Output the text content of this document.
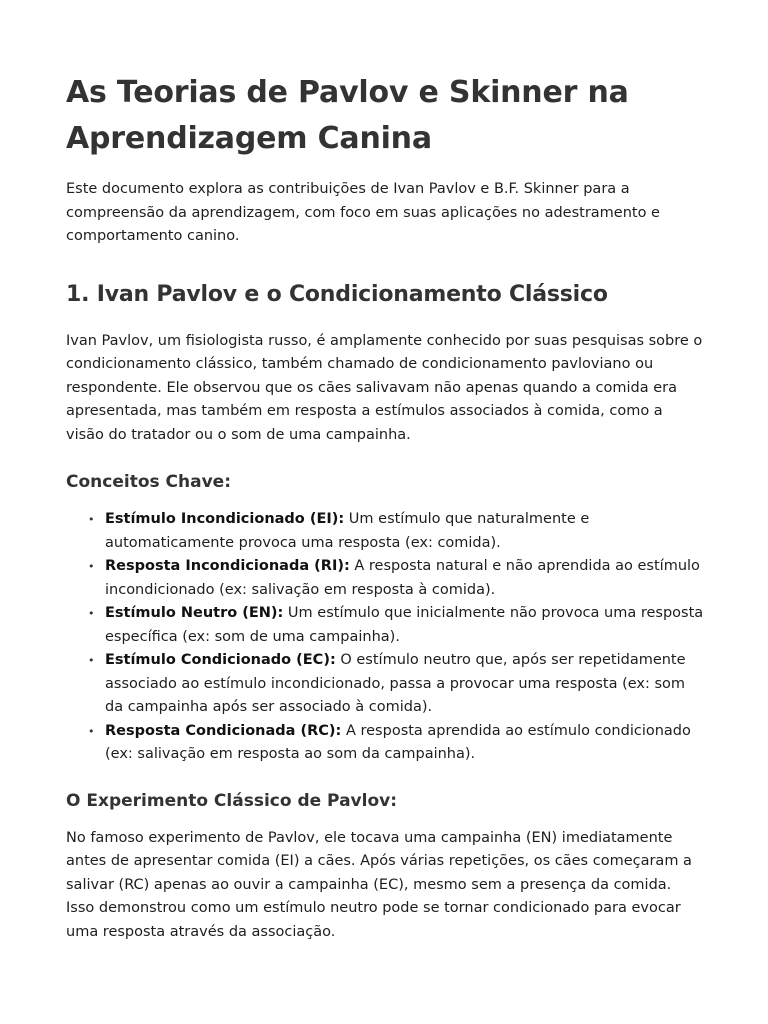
As Teorias de Pavlov e Skinner na Aprendizagem Canina

Este documento explora as contribuições de Ivan Pavlov e B.F. Skinner para a compreensão da aprendizagem, com foco em suas aplicações no adestramento e comportamento canino.

1. Ivan Pavlov e o Condicionamento Clássico

Ivan Pavlov, um fisiologista russo, é amplamente conhecido por suas pesquisas sobre o condicionamento clássico, também chamado de condicionamento pavloviano ou respondente. Ele observou que os cães salivavam não apenas quando a comida era apresentada, mas também em resposta a estímulos associados à comida, como a visão do tratador ou o som de uma campainha.

Conceitos Chave:
• Estímulo Incondicionado (EI): Um estímulo que naturalmente e automaticamente provoca uma resposta (ex: comida).
• Resposta Incondicionada (RI): A resposta natural e não aprendida ao estímulo incondicionado (ex: salivação em resposta à comida).
• Estímulo Neutro (EN): Um estímulo que inicialmente não provoca uma resposta específica (ex: som de uma campainha).
• Estímulo Condicionado (EC): O estímulo neutro que, após ser repetidamente associado ao estímulo incondicionado, passa a provocar uma resposta (ex: som da campainha após ser associado à comida).
• Resposta Condicionada (RC): A resposta aprendida ao estímulo condicionado (ex: salivação em resposta ao som da campainha).
O Experimento Clássico de Pavlov:

No famoso experimento de Pavlov, ele tocava uma campainha (EN) imediatamente antes de apresentar comida (EI) a cães. Após várias repetições, os cães começaram a salivar (RC) apenas ao ouvir a campainha (EC), mesmo sem a presença da comida. Isso demonstrou como um estímulo neutro pode se tornar condicionado para evocar uma resposta através da associação.
